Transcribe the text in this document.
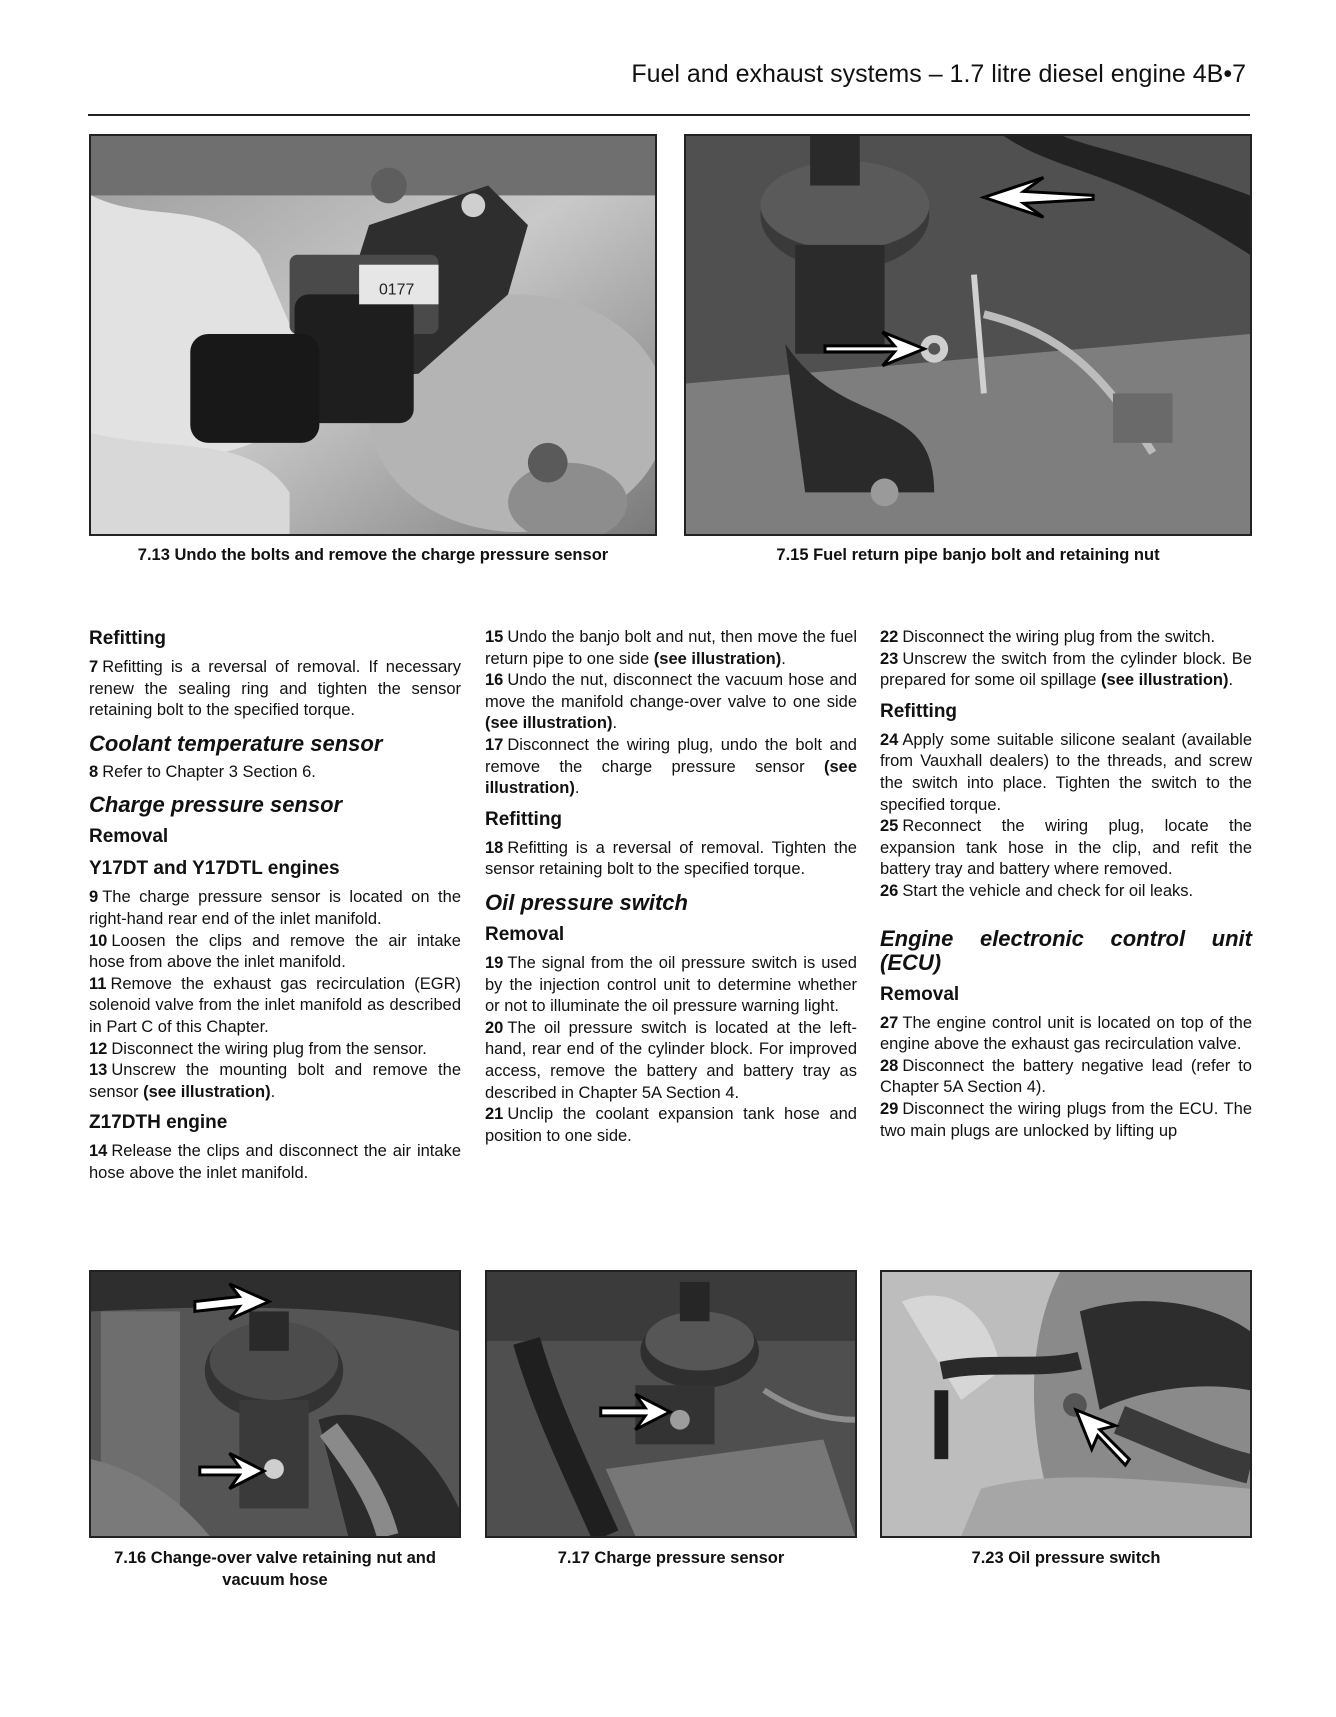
Fuel and exhaust systems – 1.7 litre diesel engine 4B•7
0177
7.13 Undo the bolts and remove the charge pressure sensor	7.15 Fuel return pipe banjo bolt and retaining nut
Refitting

7 Refitting is a reversal of removal. If necessary renew the sealing ring and tighten the sensor retaining bolt to the specified torque.

Coolant temperature sensor

8 Refer to Chapter 3 Section 6.

Charge pressure sensor
Removal
Y17DT and Y17DTL engines

9 The charge pressure sensor is located on the right-hand rear end of the inlet manifold.

10 Loosen the clips and remove the air intake hose from above the inlet manifold.

11 Remove the exhaust gas recirculation (EGR) solenoid valve from the inlet manifold as described in Part C of this Chapter.

12 Disconnect the wiring plug from the sensor.

13 Unscrew the mounting bolt and remove the sensor (see illustration).

Z17DTH engine

14 Release the clips and disconnect the air intake hose above the inlet manifold.

15 Undo the banjo bolt and nut, then move the fuel return pipe to one side (see illustration).

16 Undo the nut, disconnect the vacuum hose and move the manifold change-over valve to one side (see illustration).

17 Disconnect the wiring plug, undo the bolt and remove the charge pressure sensor (see illustration).

Refitting

18 Refitting is a reversal of removal. Tighten the sensor retaining bolt to the specified torque.

Oil pressure switch
Removal

19 The signal from the oil pressure switch is used by the injection control unit to determine whether or not to illuminate the oil pressure warning light.

20 The oil pressure switch is located at the left-hand, rear end of the cylinder block. For improved access, remove the battery and battery tray as described in Chapter 5A Section 4.

21 Unclip the coolant expansion tank hose and position to one side.

22 Disconnect the wiring plug from the switch.

23 Unscrew the switch from the cylinder block. Be prepared for some oil spillage (see illustration).

Refitting

24 Apply some suitable silicone sealant (available from Vauxhall dealers) to the threads, and screw the switch into place. Tighten the switch to the specified torque.

25 Reconnect the wiring plug, locate the expansion tank hose in the clip, and refit the battery tray and battery where removed.

26 Start the vehicle and check for oil leaks.

Engine electronic control unit (ECU)
Removal

27 The engine control unit is located on top of the engine above the exhaust gas recirculation valve.

28 Disconnect the battery negative lead (refer to Chapter 5A Section 4).

29 Disconnect the wiring plugs from the ECU. The two main plugs are unlocked by lifting up

7.16 Change-over valve retaining nut and vacuum hose
7.17 Charge pressure sensor	7.23 Oil pressure switch
